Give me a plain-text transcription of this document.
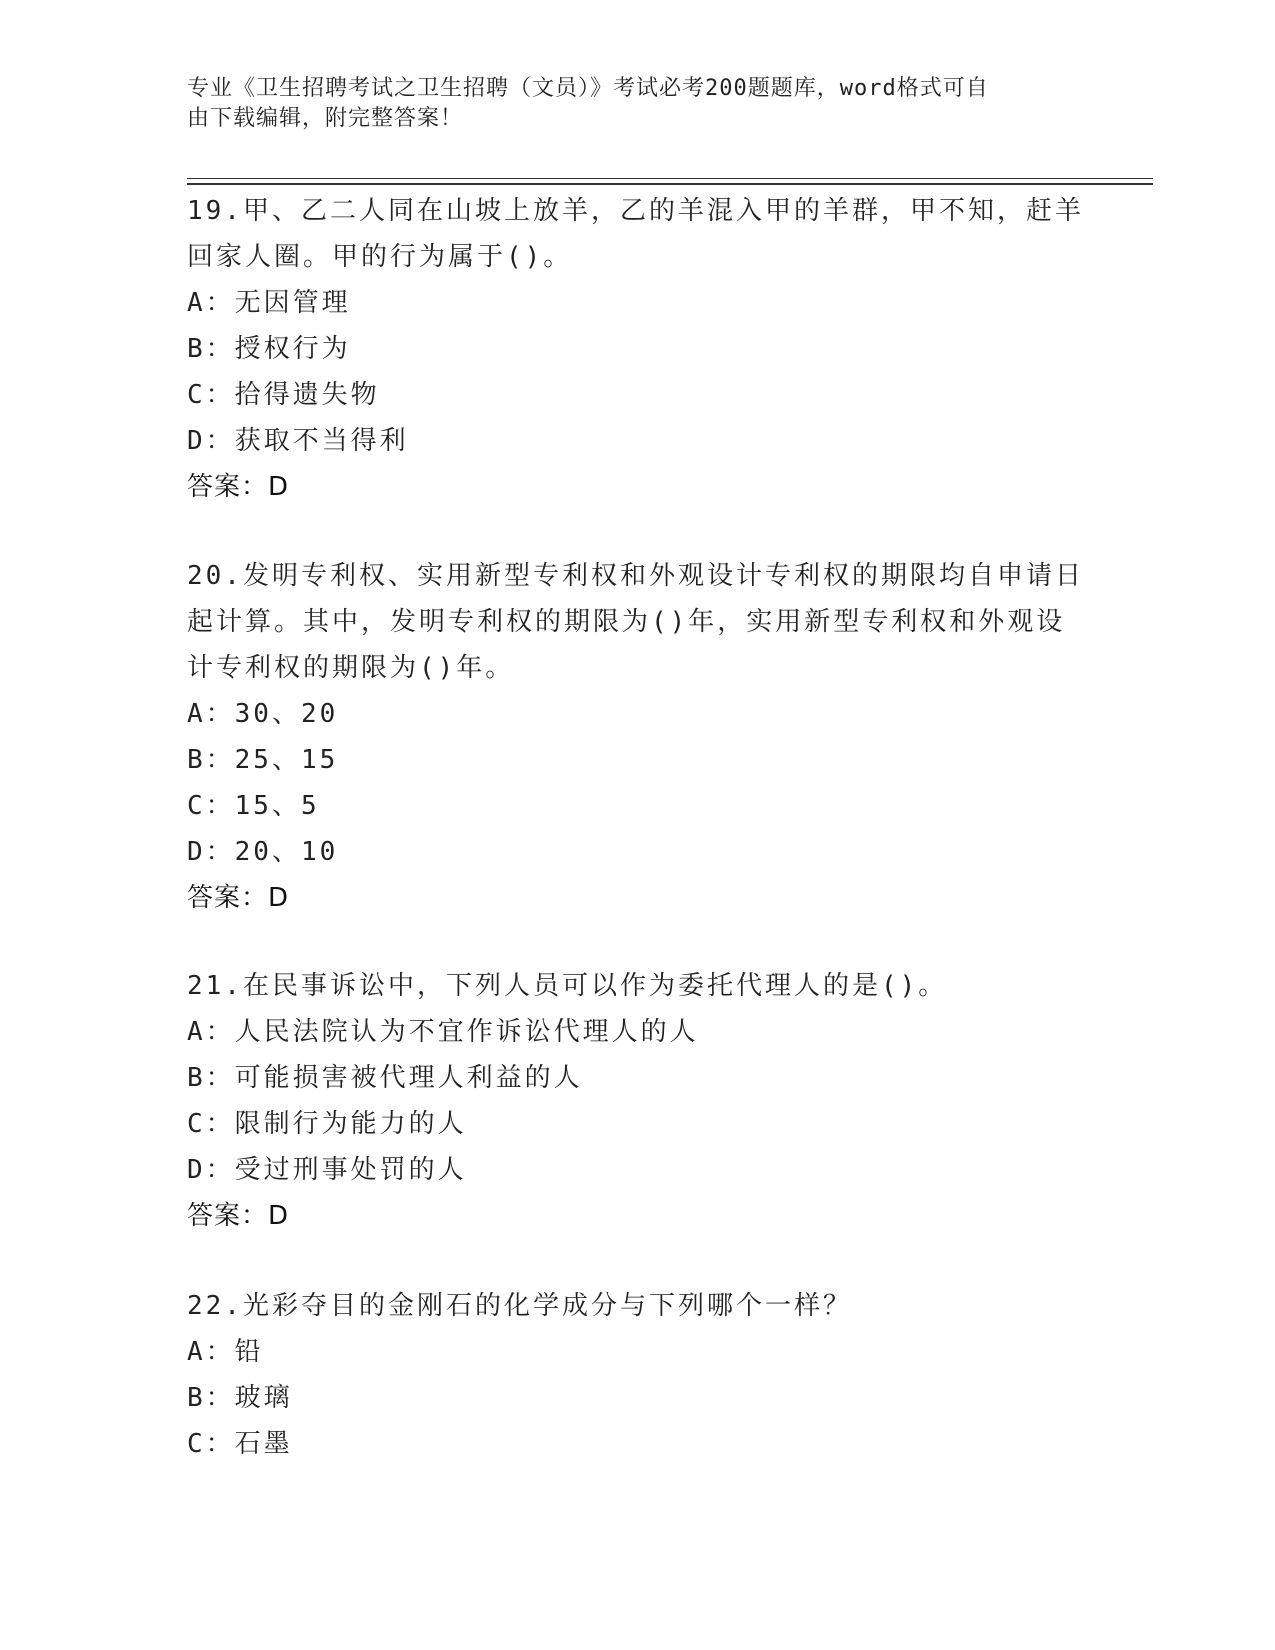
专业《卫生招聘考试之卫生招聘（文员）》考试必考200题题库，word格式可自
由下载编辑，附完整答案！
19.甲、乙二人同在山坡上放羊，乙的羊混入甲的羊群，甲不知，赶羊
回家人圈。甲的行为属于()。
A：无因管理
B：授权行为
C：拾得遗失物
D：获取不当得利
答案：D
20.发明专利权、实用新型专利权和外观设计专利权的期限均自申请日
起计算。其中，发明专利权的期限为()年，实用新型专利权和外观设
计专利权的期限为()年。
A：30、20
B：25、15
C：15、5
D：20、10
答案：D
21.在民事诉讼中，下列人员可以作为委托代理人的是()。
A：人民法院认为不宜作诉讼代理人的人
B：可能损害被代理人利益的人
C：限制行为能力的人
D：受过刑事处罚的人
答案：D
22.光彩夺目的金刚石的化学成分与下列哪个一样？
A：铅
B：玻璃
C：石墨
